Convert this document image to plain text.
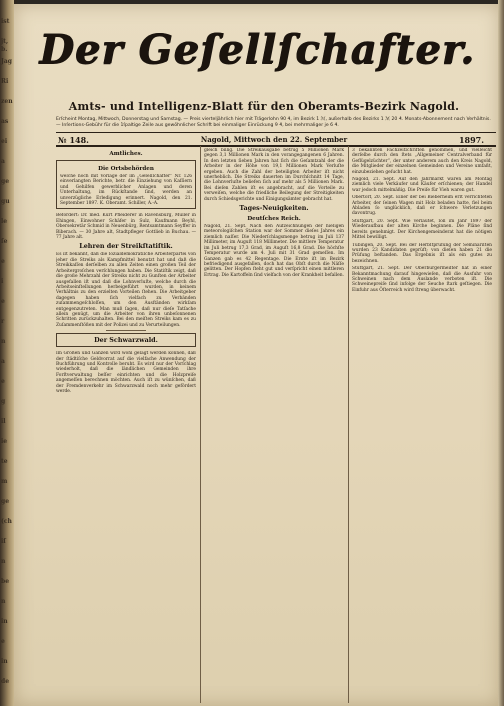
ist
jt, b.
Jag
Ri
zen
as
ei
a
ge
gu
le
ſe
e
i
e
r
n
a
e
g
il
ie
te
m
ge
(ch
iſ
n
be
n
in
e
in
de
Der Geſellſchafter.
Amts- und Intelligenz-Blatt für den Oberamts-Bezirk Nagold.
Erſcheint Montag, Mittwoch, Donnerstag und Samstag. — Preis vierteljährlich hier mit Trägerlohn 90 ₰, im Bezirk 1 ℳ, außerhalb des Bezirks 1 ℳ 20 ₰. Monats-Abonnement nach Verhältnis. — Inſertions-Gebühr für die 1ſpaltige Zeile aus gewöhnlicher Schrift bei einmaliger Einrückung 9 ₰, bei mehrmaliger je 6 ₰.
№ 148.	Nagold, Mittwoch den 22. September	1897.
Amtliches.
Die Ortsbehörden
welche noch mit Vorlage der im „Geſellſchafter“ Nr. 126 einverlangten Berichte, betr. die Einziehung von Kaſſiern und Gehilfen gewerblicher Anlagen und deren Unterhaltung, im Rückſtande ſind, werden an unverzügliche Erledigung erinnert. Nagold, den 21. September 1897. K. Oberamt. Schiller, A.-A.
Befördert: Dr. med. Kurt Pfleiderer in Ravensburg, Müller in Ehingen, Einwohner Schäfer in Sulz, Kaufmann Beyhl, Obersekretär Schmid in Neuenbürg, Rentsamtmann Seyffer in Biberach. — 30 Jahre alt, Stadtpfleger Gottlieb in Buchau. — 77 Jahre alt.
Lehren der Streikſtatiſtik.
Es iſt bekannt, daß die ſozialdemokratiſche Arbeiterpartei von jeher die Streiks als Kampfmittel benutzt hat und daß die Streikkaſſen derſelben zu allen Zeiten einen großen Teil der Arbeitergroſchen verſchlungen haben. Die Statiſtik zeigt, daß die große Mehrzahl der Streiks nicht zu Gunſten der Arbeiter ausgefallen iſt und daß die Lohnverluſte, welche durch die Arbeitseinſtellungen herbeigeführt wurden, in keinem Verhältnis zu den erzielten Vorteilen ſtehen. Die Arbeitgeber dagegen haben ſich vielfach zu Verbänden zuſammengeſchloſſen, um den Ausſtänden wirkſam entgegenzutreten. Man muß ſagen, daß nur dieſe Tatſache allein genügt, um die Arbeiter von ihren unbeſonnenen Schritten zurückzuhalten. Bei den meiſten Streiks kam es zu Zuſammenſtößen mit der Polizei und zu Verurteilungen.
Der Schwarzwald.
Im Großen und Ganzen wird wohl geſagt werden können, daß der ſtädtiſche Geldvorrat auf die vielfache Anwendung der Buchführung und Kontrolle beruht. Es wird nur der Vorſchlag wiederholt, daß die ländlichen Gemeinden ihre Forſtverwaltung beſſer einrichten und die Holzpreiſe angemeſſen berechnen möchten. Auch iſt zu wünſchen, daß der Fremdenverkehr im Schwarzwald noch mehr gefördert werde.
gleich billig. Die Streikausgabe betrug 5 Millionen Mark gegen 3,1 Millionen Mark in den vorangegangenen 6 Jahren. In den letzten ſieben Jahren hat ſich die Geſamtzahl der die Arbeiter in der Höhe von 19,1 Millionen Mark Verluſte ergeben. Auch die Zahl der beteiligten Arbeiter iſt nicht unerheblich. Die Streiks dauerten im Durchſchnitt 14 Tage, die Lohnverluſte beliefen ſich auf mehr als 5 Millionen Mark. Bei dieſen Zahlen iſt es angebracht, auf die Vorteile zu verweiſen, welche die friedliche Beilegung der Streitigkeiten durch Schiedsgerichte und Einigungsämter gebracht hat.
Tages-Neuigkeiten.
Deutſches Reich.
Nagold, 21. Sept. Nach den Aufzeichnungen der hieſigen meteorologiſchen Station war der Sommer dieſes Jahres ein ziemlich naſſer. Die Niederſchlagsmenge betrug im Juli 137 Millimeter, im Auguſt 118 Millimeter. Die mittlere Temperatur im Juli betrug 17,3 Grad, im Auguſt 16,8 Grad. Die höchſte Temperatur wurde am 4. Juli mit 31 Grad gemeſſen. Im Ganzen gab es 42 Regentage. Die Ernte iſt im Bezirk befriedigend ausgefallen, doch hat das Obſt durch die Näſſe gelitten. Der Hopfen ſteht gut und verſpricht einen mittleren Ertrag. Die Kartoffeln ſind vielfach von der Krankheit befallen.
3 bekannten Fachzeitſchriften genommen, und vielleicht derſelbe durch den ſtets „Allgemeiner Centralverband für Geflügelzüchter“, der unter anderem auch den Kreis Nagold, die Mitglieder der einzelnen Gemeinden und Vereine umfaßt, einzubeziehen geſucht hat.
Nagold, 21. Sept. Auf den Jahrmarkt waren am Montag ziemlich viele Verkäufer und Käufer erſchienen; der Handel war jedoch mittelmäßig. Die Preiſe für Vieh waren gut.
Obertorf, 20. Sept. Einer der bei Bieberheim erſt verrichteten Arbeiter, der ſeinen Wagen mit Holz beladen hatte, fiel beim Abladen ſo unglücklich, daß er ſchwere Verletzungen davontrug.
Stuttgart, 20. Sept. Wie verlautet, ſoll im Jahr 1897 der Wiederaufbau der alten Kirche beginnen. Die Pläne ſind bereits genehmigt. Der Kirchengemeinderat hat die nötigen Mittel bewilligt.
Tübingen, 20. Sept. Bei der Herbſtprüfung der Seminariſten wurden 23 Kandidaten geprüft; von dieſen haben 21 die Prüfung beſtanden. Das Ergebnis iſt als ein gutes zu bezeichnen.
Stuttgart, 21. Sept. Der Oberbürgermeiſter hat in einer Bekanntmachung darauf hingewieſen, daß die Ausfuhr von Schweinen nach dem Auslande verboten iſt. Die Schweinepreiſe ſind infolge der Seuche ſtark geſtiegen. Die Einfuhr aus Öſterreich wird ſtreng überwacht.
